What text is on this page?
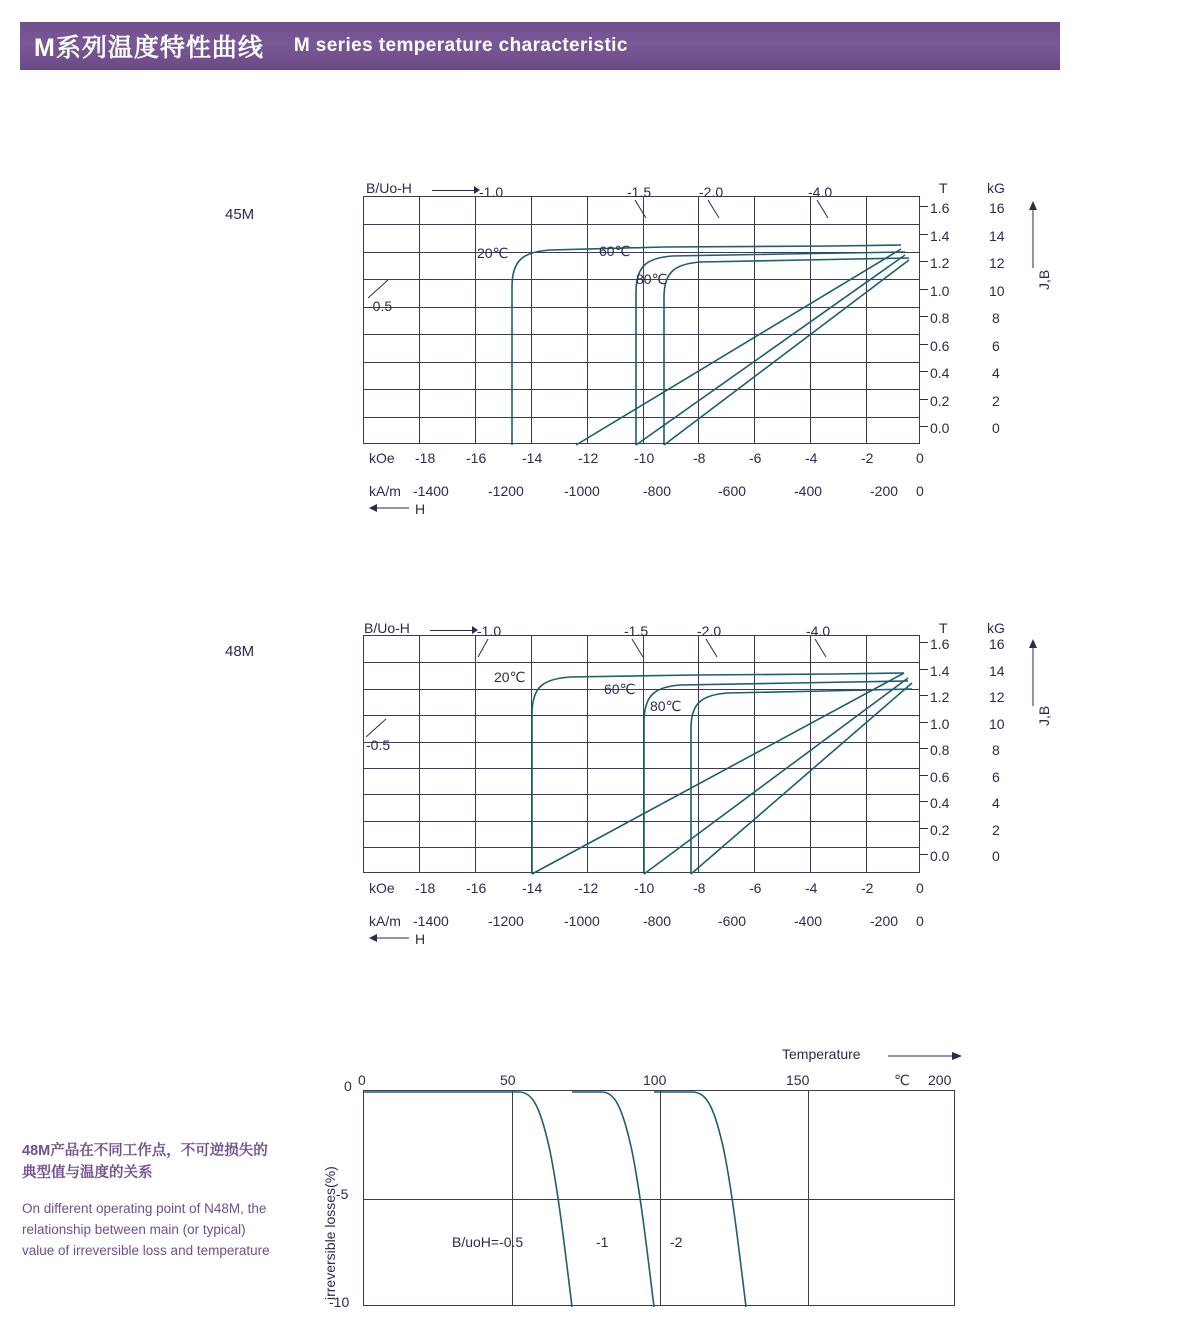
M系列温度特性曲线 M series temperature characteristic
45M
B/Uo-H	-1.0	-1.5	-2.0	-4.0
-0.5
20℃	60℃
80℃
T	kG
1.6
1.4
1.2
1.0
0.8
0.6
0.4
0.2
0.0
16
14
12
10
8
6
4
2
0
J,B
kOe -18 -16	-14	-12	-10	-8	-6	-4	-2	0
kA/m -1400	-1200	-1000	-800	-600	-400	-200 0
H
48M
B/Uo-H	-1.0	-1.5	-2.0	-4.0
-0.5
20℃
60℃
80℃
T	kG
1.6
1.4
1.2
1.0
0.8
0.6
0.4
0.2
0.0
16
14
12
10
8
6
4
2
0
J,B
kOe -18 -16	-14	-12	-10	-8	-6	-4	-2	0
kA/m -1400	-1200	-1000	-800	-600	-400	-200 0
H
48M产品在不同工作点，不可逆损失的典型值与温度的关系
On different operating point of N48M, the relationship between main (or typical) value of irreversible loss and temperature
Temperature
0	50	100	150	℃ 200
0
-5
-10
irreversible losses(%)	B/uoH=-0.5	-1	-2
